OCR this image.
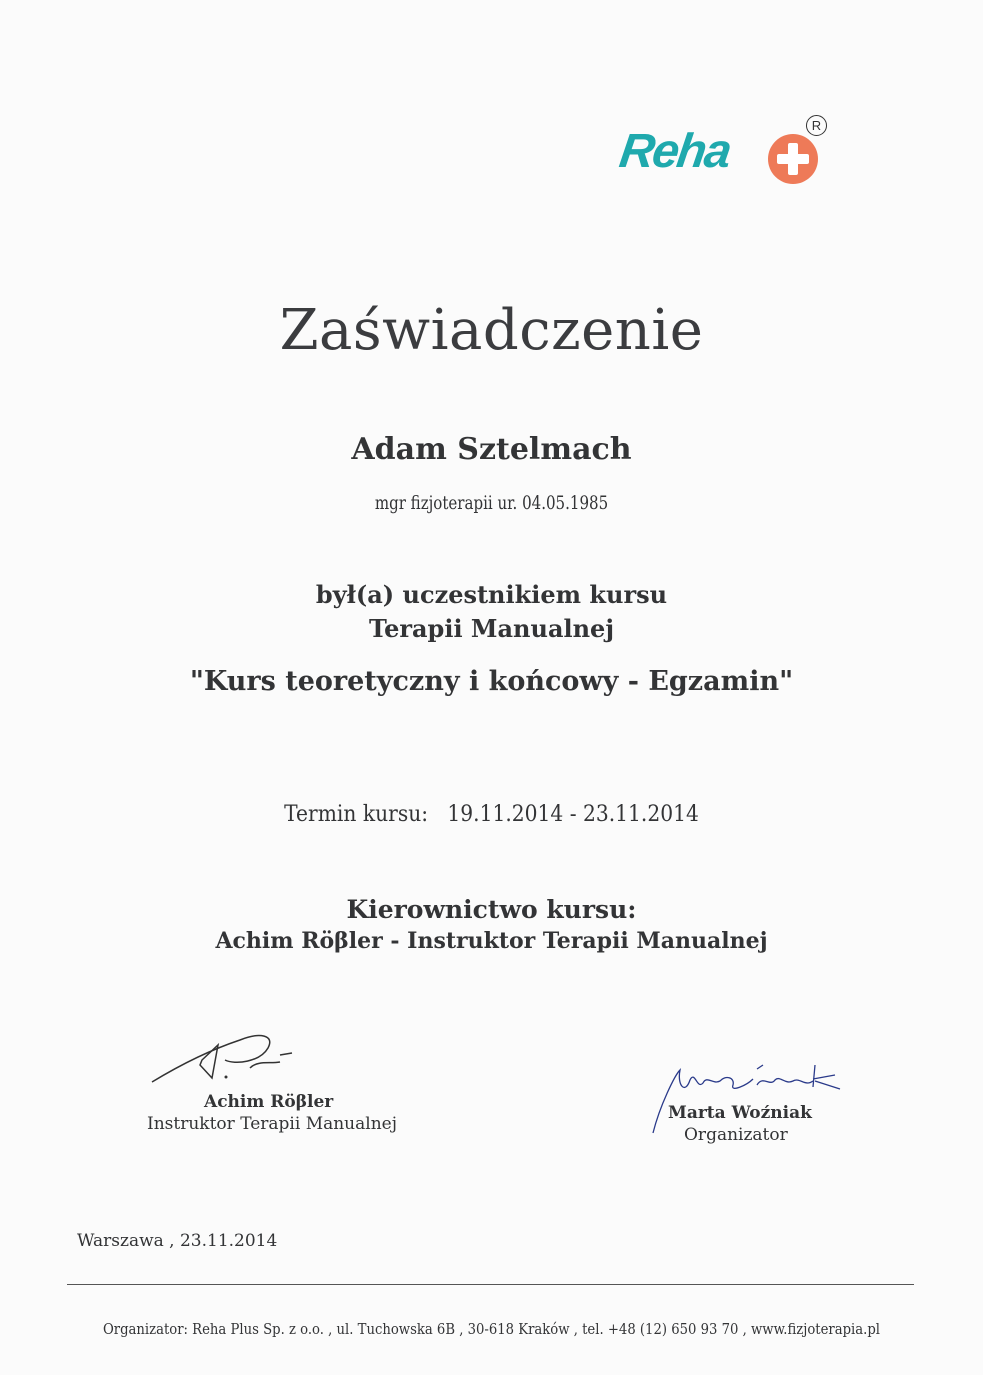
Reha	R
Zaświadczenie
Adam Sztelmach
mgr fizjoterapii ur. 04.05.1985
był(a) uczestnikiem kursu
Terapii Manualnej
"Kurs teoretyczny i końcowy - Egzamin"
Termin kursu: 19.11.2014 - 23.11.2014
Kierownictwo kursu:
Achim Röβler - Instruktor Terapii Manualnej
Achim Röβler
Instruktor Terapii Manualnej
Marta Woźniak
Organizator
Warszawa , 23.11.2014
Organizator: Reha Plus Sp. z o.o. , ul. Tuchowska 6B , 30-618 Kraków , tel. +48 (12) 650 93 70 , www.fizjoterapia.pl
